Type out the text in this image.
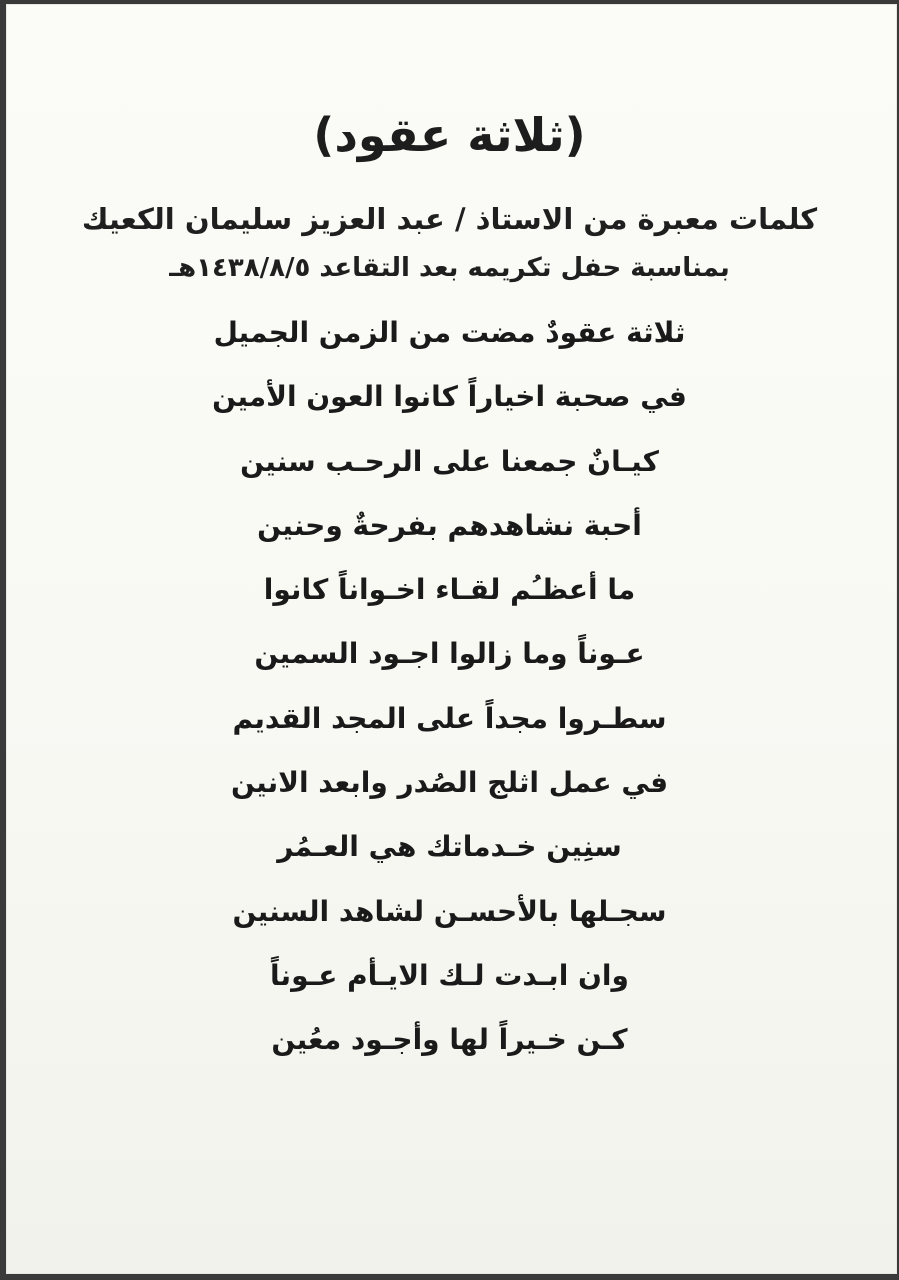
(ثلاثة عقود)
كلمات معبرة من الاستاذ / عبد العزيز سليمان الكعيك
بمناسبة حفل تكريمه بعد التقاعد ١٤٣٨/٨/٥هـ
ثلاثة عقودٌ مضت من الزمن الجميل
في صحبة اخياراً كانوا العون الأمين
كيـانٌ جمعنا على الرحـب سنين
أحبة نشاهدهم بفرحةٌ وحنين
ما أعظـُم لقـاء اخـواناً كانوا
عـوناً وما زالوا اجـود السمين
سطـروا مجداً على المجد القديم
في عمل اثلج الصُدر وابعد الانين
سنِين خـدماتك هي العـمُر
سجـلها بالأحسـن لشاهد السنين
وان ابـدت لـك الايـأم عـوناً
كـن خـيراً لها وأجـود معُين
